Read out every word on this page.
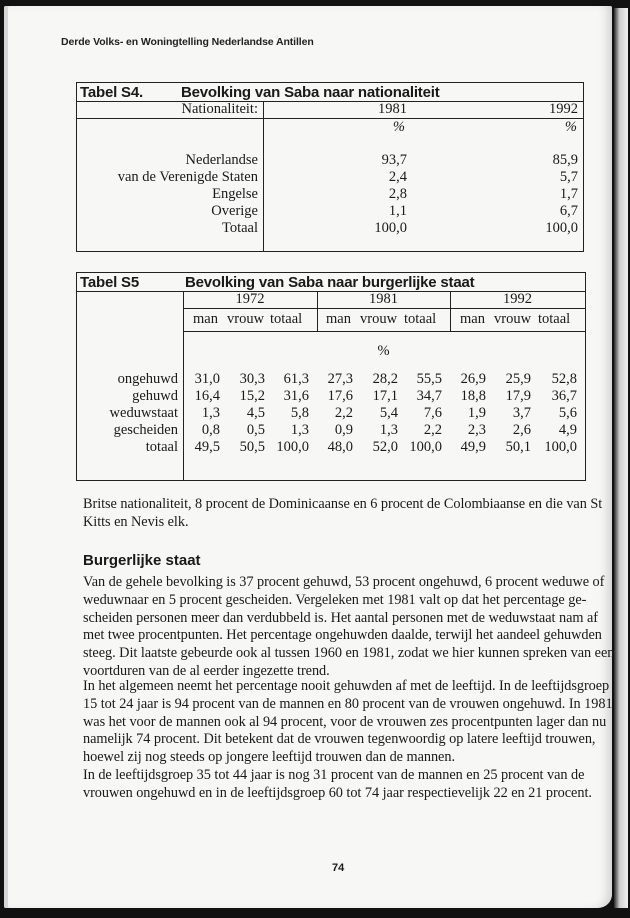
Derde Volks- en Woningtelling Nederlandse Antillen
Tabel S4.	Bevolking van Saba naar nationaliteit
Nationaliteit:	1981	1992
%	%
Nederlandse	93,7	85,9
van de Verenigde Staten	2,4	5,7
Engelse	2,8	1,7
Overige	1,1	6,7
Totaal	100,0	100,0
Tabel S5	Bevolking van Saba naar burgerlijke staat
1972	1981	1992
man vrouw totaal man vrouw totaal man vrouw totaal
%
ongehuwd 31,0 30,3 61,3 27,3 28,2 55,5 26,9 25,9 52,8
gehuwd 16,4 15,2 31,6 17,6 17,1 34,7 18,8 17,9 36,7
weduwstaat 1,3 4,5 5,8 2,2 5,4 7,6 1,9 3,7 5,6
gescheiden 0,8 0,5 1,3 0,9 1,3 2,2 2,3 2,6 4,9
totaal 49,5 50,5 100,0 48,0 52,0 100,0 49,9 50,1 100,0
Britse nationaliteit, 8 procent de Dominicaanse en 6 procent de Colombiaanse en die van St
Kitts en Nevis elk.
Burgerlijke staat
Van de gehele bevolking is 37 procent gehuwd, 53 procent ongehuwd, 6 procent weduwe of
weduwnaar en 5 procent gescheiden. Vergeleken met 1981 valt op dat het percentage ge-
scheiden personen meer dan verdubbeld is. Het aantal personen met de weduwstaat nam af
met twee procentpunten. Het percentage ongehuwden daalde, terwijl het aandeel gehuwden
steeg. Dit laatste gebeurde ook al tussen 1960 en 1981, zodat we hier kunnen spreken van een
voortduren van de al eerder ingezette trend.
In het algemeen neemt het percentage nooit gehuwden af met de leeftijd. In de leeftijdsgroep
15 tot 24 jaar is 94 procent van de mannen en 80 procent van de vrouwen ongehuwd. In 1981
was het voor de mannen ook al 94 procent, voor de vrouwen zes procentpunten lager dan nu
namelijk 74 procent. Dit betekent dat de vrouwen tegenwoordig op latere leeftijd trouwen,
hoewel zij nog steeds op jongere leeftijd trouwen dan de mannen.
In de leeftijdsgroep 35 tot 44 jaar is nog 31 procent van de mannen en 25 procent van de
vrouwen ongehuwd en in de leeftijdsgroep 60 tot 74 jaar respectievelijk 22 en 21 procent.
74
